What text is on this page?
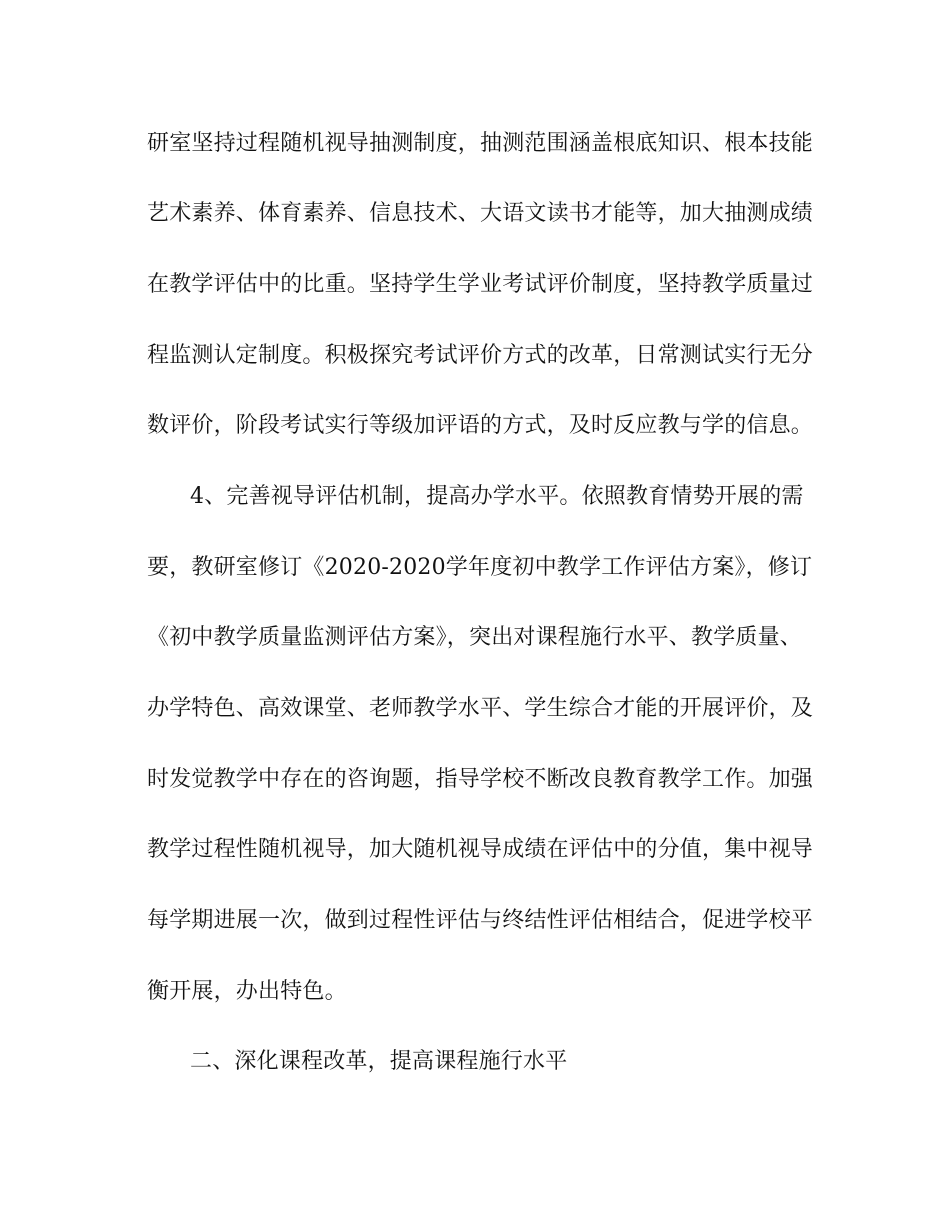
研室坚持过程随机视导抽测制度，抽测范围涵盖根底知识、根本技能
艺术素养、体育素养、信息技术、大语文读书才能等，加大抽测成绩
在教学评估中的比重。坚持学生学业考试评价制度，坚持教学质量过
程监测认定制度。积极探究考试评价方式的改革，日常测试实行无分
数评价，阶段考试实行等级加评语的方式，及时反应教与学的信息。
4、完善视导评估机制，提高办学水平。依照教育情势开展的需
要，教研室修订《2020-2020学年度初中教学工作评估方案》，修订
《初中教学质量监测评估方案》，突出对课程施行水平、教学质量、
办学特色、高效课堂、老师教学水平、学生综合才能的开展评价，及
时发觉教学中存在的咨询题，指导学校不断改良教育教学工作。加强
教学过程性随机视导，加大随机视导成绩在评估中的分值，集中视导
每学期进展一次，做到过程性评估与终结性评估相结合，促进学校平
衡开展，办出特色。
二、深化课程改革，提高课程施行水平
